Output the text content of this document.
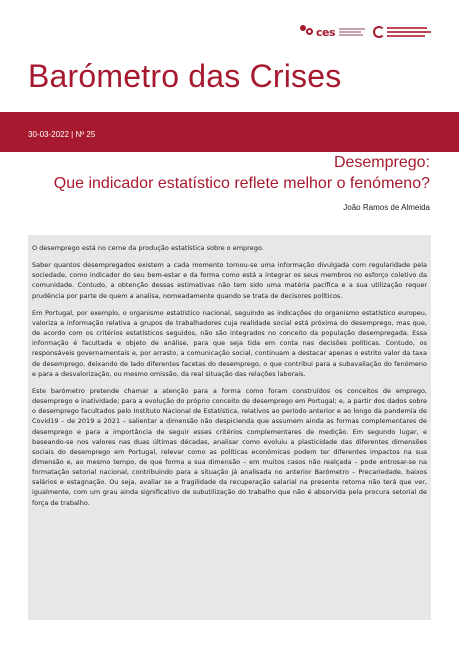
ces
Barómetro das Crises
30-03-2022 | Nº 25
Desemprego:
Que indicador estatístico reflete melhor o fenómeno?
João Ramos de Almeida

O desemprego está no cerne da produção estatística sobre o emprego.

Saber quantos desempregados existem a cada momento tornou-se uma informação divulgada com regularidade pela sociedade, como indicador do seu bem-estar e da forma como está a integrar os seus membros no esforço coletivo da comunidade. Contudo, a obtenção dessas estimativas não tem sido uma matéria pacífica e a sua utilização requer prudência por parte de quem a analisa, nomeadamente quando se trata de decisores políticos.

Em Portugal, por exemplo, o organismo estatístico nacional, seguindo as indicações do organismo estatístico europeu, valoriza a informação relativa a grupos de trabalhadores cuja realidade social está próxima do desemprego, mas que, de acordo com os critérios estatísticos seguidos, não são integrados no conceito da população desempregada. Essa informação é facultada e objeto de análise, para que seja tida em conta nas decisões políticas. Contudo, os responsáveis governamentais e, por arrasto, a comunicação social, continuam a destacar apenas o estrito valor da taxa de desemprego, deixando de lado diferentes facetas do desemprego, o que contribui para a subavaliação do fenómeno e para a desvalorização, ou mesmo omissão, da real situação das relações laborais.

Este barómetro pretende chamar a atenção para a forma como foram construídos os conceitos de emprego, desemprego e inatividade; para a evolução do próprio conceito de desemprego em Portugal; e, a partir dos dados sobre o desemprego facultados pelo Instituto Nacional de Estatística, relativos ao período anterior e ao longo da pandemia de Covid19 – de 2019 a 2021 – salientar a dimensão não despicienda que assumem ainda as formas complementares de desemprego e para a importância de seguir esses critérios complementares de medição. Em segundo lugar, e baseando-se nos valores nas duas últimas décadas, analisar como evoluiu a plasticidade das diferentes dimensões sociais do desemprego em Portugal, relevar como as políticas económicas podem ter diferentes impactos na sua dimensão e, ao mesmo tempo, de que forma a sua dimensão – em muitos casos não realçada – pode entrosar-se na formatação setorial nacional, contribuindo para a situação já analisada no anterior Barómetro – Precariedade, baixos salários e estagnação. Ou seja, avaliar se a fragilidade da recuperação salarial na presente retoma não terá que ver, igualmente, com um grau ainda significativo de subutilização do trabalho que não é absorvida pela procura setorial de força de trabalho.
